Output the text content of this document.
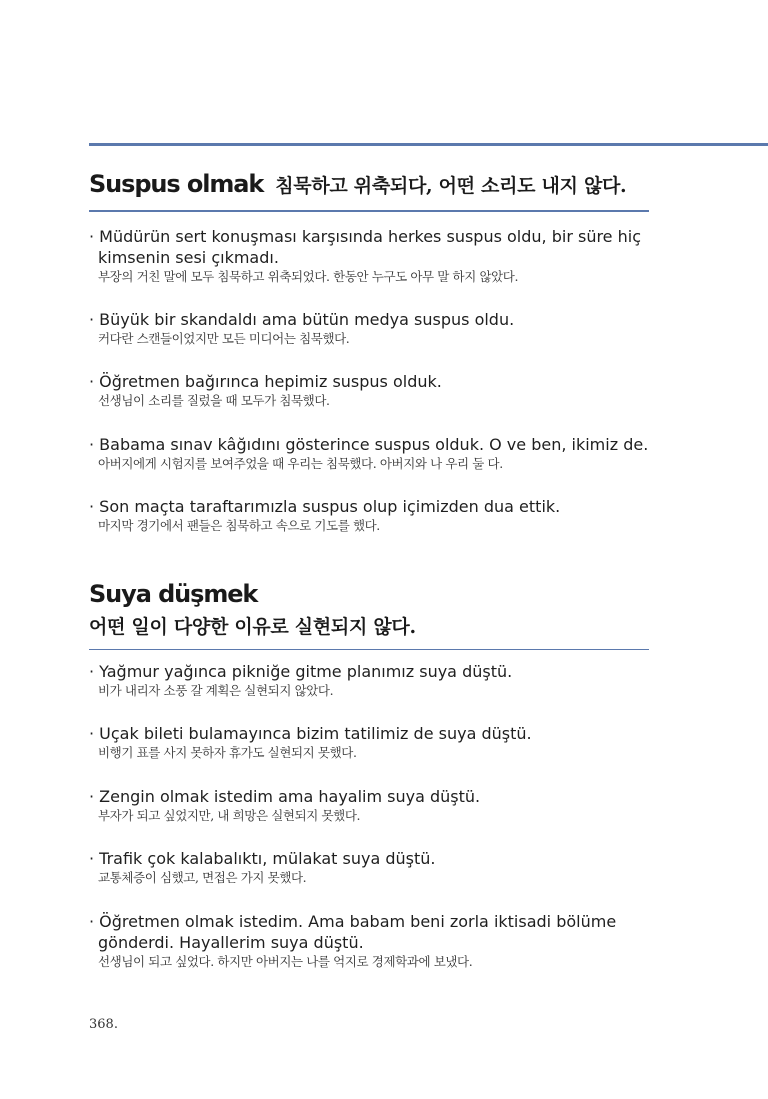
Suspus olmak 침묵하고 위축되다, 어떤 소리도 내지 않다.
· Müdürün sert konuşması karşısında herkes suspus oldu, bir süre hiç kimsenin sesi çıkmadı.
부장의 거친 말에 모두 침묵하고 위축되었다. 한동안 누구도 아무 말 하지 않았다.
· Büyük bir skandaldı ama bütün medya suspus oldu.
커다란 스캔들이었지만 모든 미디어는 침묵했다.
· Öğretmen bağırınca hepimiz suspus olduk.
선생님이 소리를 질렀을 때 모두가 침묵했다.
· Babama sınav kâğıdını gösterince suspus olduk. O ve ben, ikimiz de.
아버지에게 시험지를 보여주었을 때 우리는 침묵했다. 아버지와 나 우리 둘 다.
· Son maçta taraftarımızla suspus olup içimizden dua ettik.
마지막 경기에서 팬들은 침묵하고 속으로 기도를 했다.
Suya düşmek
어떤 일이 다양한 이유로 실현되지 않다.
· Yağmur yağınca pikniğe gitme planımız suya düştü.
비가 내리자 소풍 갈 계획은 실현되지 않았다.
· Uçak bileti bulamayınca bizim tatilimiz de suya düştü.
비행기 표를 사지 못하자 휴가도 실현되지 못했다.
· Zengin olmak istedim ama hayalim suya düştü.
부자가 되고 싶었지만, 내 희망은 실현되지 못했다.
· Trafik çok kalabalıktı, mülakat suya düştü.
교통체증이 심했고, 면접은 가지 못했다.
· Öğretmen olmak istedim. Ama babam beni zorla iktisadi bölüme gönderdi. Hayallerim suya düştü.
선생님이 되고 싶었다. 하지만 아버지는 나를 억지로 경제학과에 보냈다.
368.
